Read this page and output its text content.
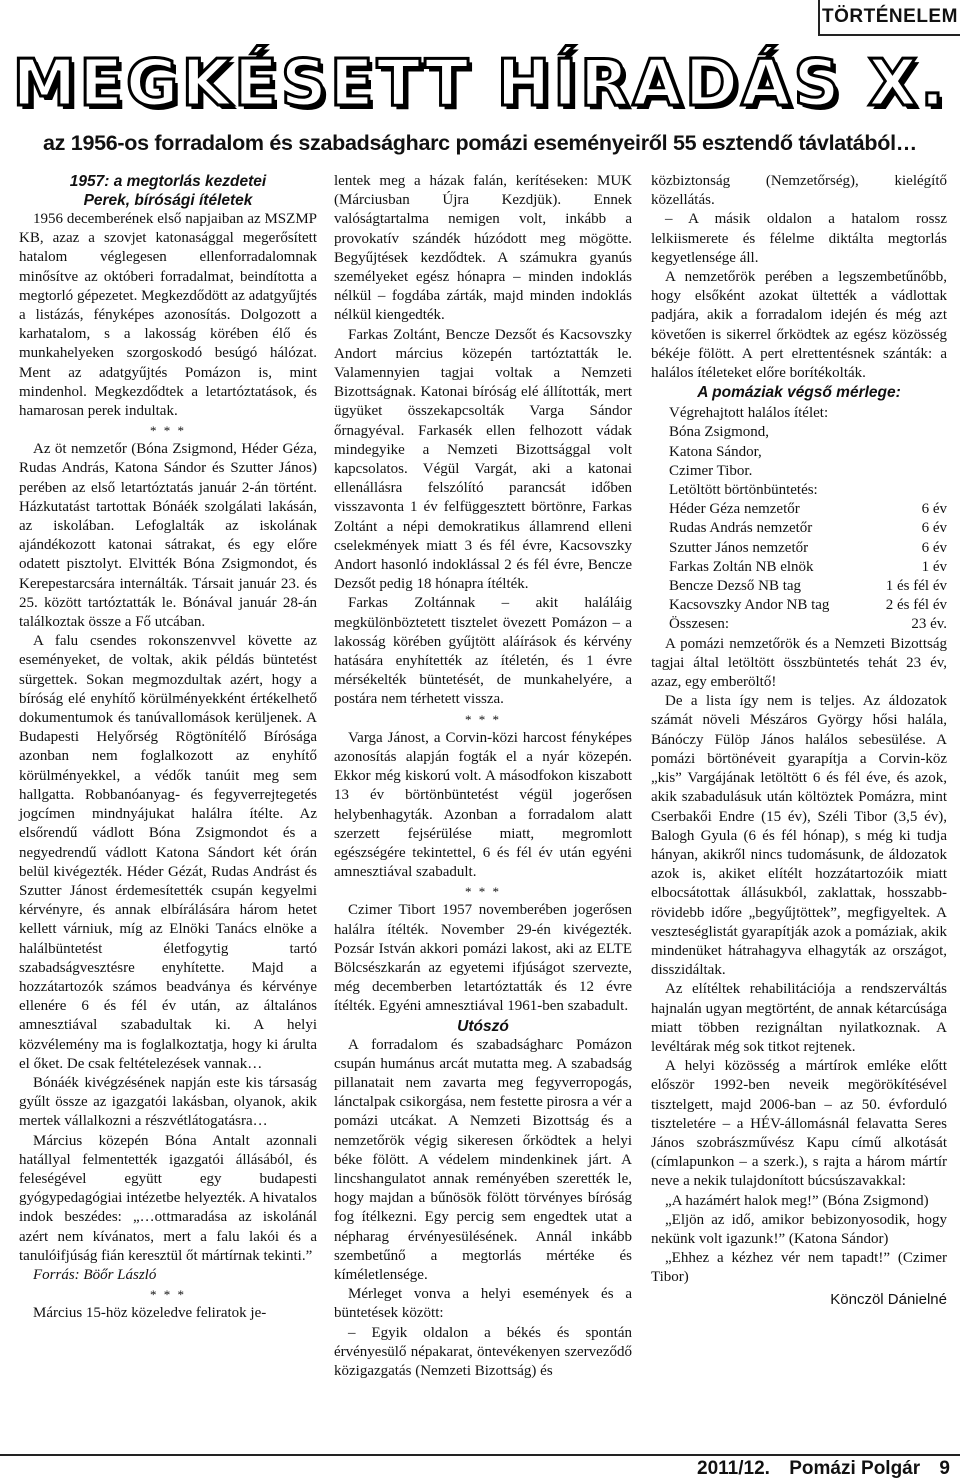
TÖRTÉNELEM
MEGKÉSETT HÍRADÁS X.
az 1956-os forradalom és szabadságharc pomázi eseményeiről 55 esztendő távlatából…
1957: a megtorlás kezdetei
Perek, bírósági ítéletek

1956 decemberének első napjaiban az MSZMP KB, azaz a szovjet katonasággal megerősített hatalom véglegesen ellenforradalomnak minősítve az októberi forradalmat, beindította a megtorló gépezetet. Megkezdődött az adatgyűjtés a listázás, fényképes azonosítás. Dolgozott a karhatalom, s a lakosság körében élő és munkahelyeken szorgoskodó besúgó hálózat. Ment az adatgyűjtés Pomázon is, mint mindenhol. Megkezdődtek a letartóztatások, és hamarosan perek indultak.

* * *

Az öt nemzetőr (Bóna Zsigmond, Héder Géza, Rudas András, Katona Sándor és Szutter János) perében az első letartóztatás január 2-án történt. Házkutatást tartottak Bónáék szolgálati lakásán, az iskolában. Lefoglalták az iskolának ajándékozott katonai sátrakat, és egy előre odatett pisztolyt. Elvitték Bóna Zsigmondot, és Kerepestarcsára internálták. Társait január 23. és 25. között tartóztatták le. Bónával január 28-án találkoztak össze a Fő utcában.

A falu csendes rokonszenvvel követte az eseményeket, de voltak, akik példás büntetést sürgettek. Sokan megmozdultak azért, hogy a bíróság elé enyhítő körülményekként értékelhető dokumentumok és tanúvallomások kerüljenek. A Budapesti Helyőrség Rögtönítélő Bírósága azonban nem foglalkozott az enyhítő körülményekkel, a védők tanúit meg sem hallgatta. Robbanóanyag- és fegyverrejtegetés jogcímen mindnyájukat halálra ítélte. Az elsőrendű vádlott Bóna Zsigmondot és a negyedrendű vádlott Katona Sándort két órán belül kivégezték. Héder Gézát, Rudas Andrást és Szutter Jánost érdemesítették csupán kegyelmi kérvényre, és annak elbírálására három hetet kellett várniuk, míg az Elnöki Tanács elnöke a halálbüntetést életfogytig tartó szabadságvesztésre enyhítette. Majd a hozzátartozók számos beadványa és kérvénye ellenére 6 és fél év után, az általános amnesztiával szabadultak ki. A helyi közvélemény ma is foglalkoztatja, hogy ki árulta el őket. De csak feltételezések vannak…

Bónáék kivégzésének napján este kis társaság gyűlt össze az igazgatói lakásban, olyanok, akik mertek vállalkozni a részvétlátogatásra…

Március közepén Bóna Antalt azonnali hatállyal felmentették igazgatói állásából, és feleségével együtt egy budapesti gyógypedagógiai intézetbe helyezték. A hivatalos indok beszédes: „…ottmaradása az iskolánál azért nem kívánatos, mert a falu lakói és a tanulóifjúság fián keresztül őt mártírnak tekinti.”

Forrás: Böőr László

* * *

Március 15-höz közeledve feliratok je-

lentek meg a házak falán, kerítéseken: MUK (Márciusban Újra Kezdjük). Ennek valóságtartalma nemigen volt, inkább a provokatív szándék húzódott meg mögötte. Begyűjtések kezdődtek. A számukra gyanús személyeket egész hónapra – minden indoklás nélkül – fogdába zárták, majd minden indoklás nélkül kiengedték.

Farkas Zoltánt, Bencze Dezsőt és Kacsovszky Andort március közepén tartóztatták le. Valamennyien tagjai voltak a Nemzeti Bizottságnak. Katonai bíróság elé állították, mert ügyüket összekapcsolták Varga Sándor őrnagyéval. Farkasék ellen felhozott vádak mindegyike a Nemzeti Bizottsággal volt kapcsolatos. Végül Vargát, aki a katonai ellenállásra felszólító parancsát időben visszavonta 1 év felfüggesztett börtönre, Farkas Zoltánt a népi demokratikus államrend elleni cselekmények miatt 3 és fél évre, Kacsovszky Andort hasonló indoklással 2 és fél évre, Bencze Dezsőt pedig 18 hónapra ítélték.

Farkas Zoltánnak – akit haláláig megkülönböztetett tisztelet övezett Pomázon – a lakosság körében gyűjtött aláírások és kérvény hatására enyhítették az ítéletén, és 1 évre mérsékelték büntetését, de munkahelyére, a postára nem térhetett vissza.

* * *

Varga Jánost, a Corvin-közi harcost fényképes azonosítás alapján fogták el a nyár közepén. Ekkor még kiskorú volt. A másodfokon kiszabott 13 év börtönbüntetést végül jogerősen helybenhagyták. Azonban a forradalom alatt szerzett fejsérülése miatt, megromlott egészségére tekintettel, 6 és fél év után egyéni amnesztiával szabadult.

* * *

Czimer Tibort 1957 novemberében jogerősen halálra ítélték. November 29-én kivégezték. Pozsár István akkori pomázi lakost, aki az ELTE Bölcsészkarán az egyetemi ifjúságot szervezte, még decemberben letartóztatták és 12 évre ítélték. Egyéni amnesztiával 1961-ben szabadult.

Utószó

A forradalom és szabadságharc Pomázon csupán humánus arcát mutatta meg. A szabadság pillanatait nem zavarta meg fegyverropogás, lánctalpak csikorgása, nem festette pirosra a vér a pomázi utcákat. A Nemzeti Bizottság és a nemzetőrök végig sikeresen őrködtek a helyi béke fölött. A védelem mindenkinek járt. A lincshangulatot annak reményében szerették le, hogy majdan a bűnösök fölött törvényes bíróság fog ítélkezni. Egy percig sem engedtek utat a népharag érvényesülésének. Annál inkább szembetűnő a megtorlás mértéke és kíméletlensége.

Mérleget vonva a helyi események és a büntetések között:

– Egyik oldalon a békés és spontán érvényesülő népakarat, öntevékenyen szerveződő közigazgatás (Nemzeti Bizottság) és

közbiztonság (Nemzetőrség), kielégítő közellátás.

– A másik oldalon a hatalom rossz lelkiismerete és félelme diktálta megtorlás kegyetlensége áll.

A nemzetőrök perében a legszembetűnőbb, hogy elsőként azokat ültették a vádlottak padjára, akik a forradalom idején és még azt követően is sikerrel őrködtek az egész közösség békéje fölött. A pert elrettentésnek szánták: a halálos ítéleteket előre borítékolták.

A pomáziak végső mérlege:
Végrehajtott halálos ítélet:
Bóna Zsigmond,
Katona Sándor,
Czimer Tibor.
Letöltött börtönbüntetés:
Héder Géza nemzetőr	6 év
Rudas András nemzetőr	6 év
Szutter János nemzetőr	6 év
Farkas Zoltán NB elnök	1 év
Bencze Dezső NB tag	1 és fél év
Kacsovszky Andor NB tag	2 és fél év
Összesen:	23 év.

A pomázi nemzetőrök és a Nemzeti Bizottság tagjai által letöltött összbüntetés tehát 23 év, azaz, egy emberöltő!

De a lista így nem is teljes. Az áldozatok számát növeli Mészáros György hősi halála, Bánóczy Fülöp János halálos sebesülése. A pomázi börtönéveit gyarapítja a Corvin-köz „kis” Vargájának letöltött 6 és fél éve, és azok, akik szabadulásuk után költöztek Pomázra, mint Cserbakői Endre (15 év), Széli Tibor (3,5 év), Balogh Gyula (6 és fél hónap), s még ki tudja hányan, akikről nincs tudomásunk, de áldozatok azok is, akiket elítélt hozzátartozóik miatt elbocsátottak állásukból, zaklattak, hosszabb-rövidebb időre „begyűjtöttek”, megfigyeltek. A veszteséglistát gyarapítják azok a pomáziak, akik mindenüket hátrahagyva elhagyták az országot, disszidáltak.

Az elítéltek rehabilitációja a rendszerváltás hajnalán ugyan megtörtént, de annak kétarcúsága miatt többen rezignáltan nyilatkoznak. A levéltárak még sok titkot rejtenek.

A helyi közösség a mártírok emléke előtt először 1992-ben neveik megörökítésével tisztelgett, majd 2006-ban – az 50. évforduló tiszteletére – a HÉV-állomásnál felavatta Seres János szobrászművész Kapu című alkotását (címlapunkon – a szerk.), s rajta a három mártír neve a nekik tulajdonított búcsúszavakkal:

„A hazámért halok meg!” (Bóna Zsigmond)

„Eljön az idő, amikor bebizonyosodik, hogy nekünk volt igazunk!” (Katona Sándor)

„Ehhez a kézhez vér nem tapadt!” (Czimer Tibor)

Könczöl Dánielné
2011/12. Pomázi Polgár 9
